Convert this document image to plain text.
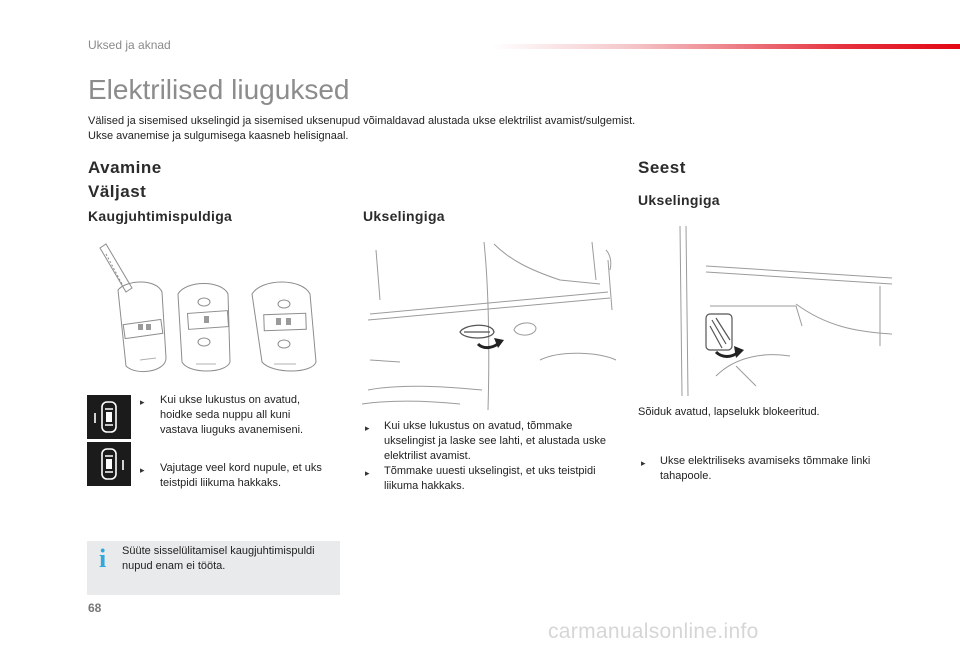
Uksed ja aknad
Elektrilised liuguksed
Välised ja sisemised ukselingid ja sisemised uksenupud võimaldavad alustada ukse elektrilist avamist/sulgemist.
Ukse avanemise ja sulgumisega kaasneb helisignaal.
Avamine
Väljast
Kaugjuhtimispuldiga
▸ Kui ukse lukustus on avatud, hoidke seda nuppu all kuni vastava liuguks avanemiseni.
▸ Vajutage veel kord nupule, et uks teistpidi liikuma hakkaks.
i	Süüte sisselülitamisel kaugjuhtimispuldi nupud enam ei tööta.
Ukselingiga
▸ Kui ukse lukustus on avatud, tõmmake ukselingist ja laske see lahti, et alustada uske elektrilist avamist.
▸ Tõmmake uuesti ukselingist, et uks teistpidi liikuma hakkaks.
Seest
Ukselingiga
Sõiduk avatud, lapselukk blokeeritud.
▸ Ukse elektriliseks avamiseks tõmmake linki tahapoole.
68
carmanualsonline.info
